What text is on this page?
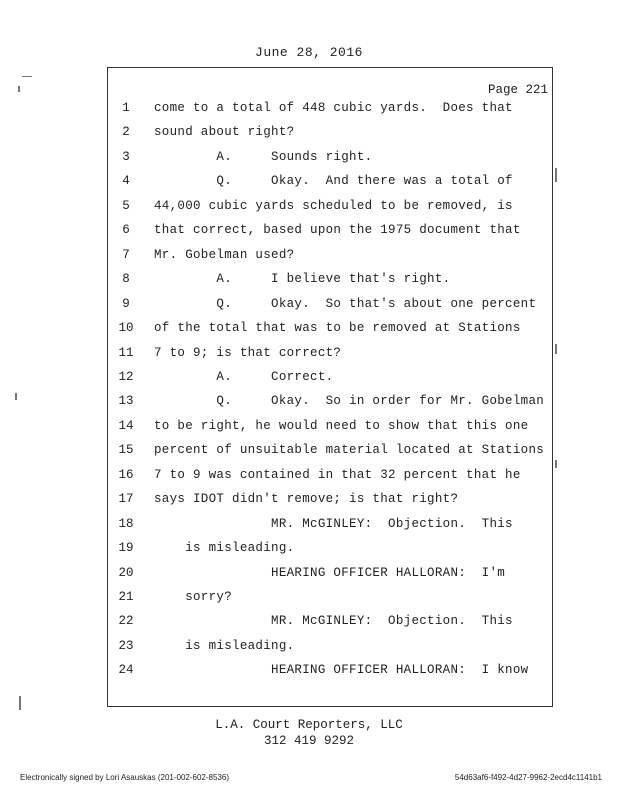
June 28, 2016
Page 221
1	come to a total of 448 cubic yards.  Does that
2	sound about right?
3	A.     Sounds right.
4	Q.     Okay.  And there was a total of
5	44,000 cubic yards scheduled to be removed, is
6	that correct, based upon the 1975 document that
7	Mr. Gobelman used?
8	A.     I believe that's right.
9	Q.     Okay.  So that's about one percent
10	of the total that was to be removed at Stations
11	7 to 9; is that correct?
12	A.     Correct.
13	Q.     Okay.  So in order for Mr. Gobelman
14	to be right, he would need to show that this one
15	percent of unsuitable material located at Stations
16	7 to 9 was contained in that 32 percent that he
17	says IDOT didn't remove; is that right?
18	MR. McGINLEY:  Objection.  This
19	is misleading.
20	HEARING OFFICER HALLORAN:  I'm
21	sorry?
22	MR. McGINLEY:  Objection.  This
23	is misleading.
24	HEARING OFFICER HALLORAN:  I know
L.A. Court Reporters, LLC
312 419 9292
Electronically signed by Lori Asauskas (201-002-602-8536)	54d63af6-f492-4d27-9962-2ecd4c1141b1
